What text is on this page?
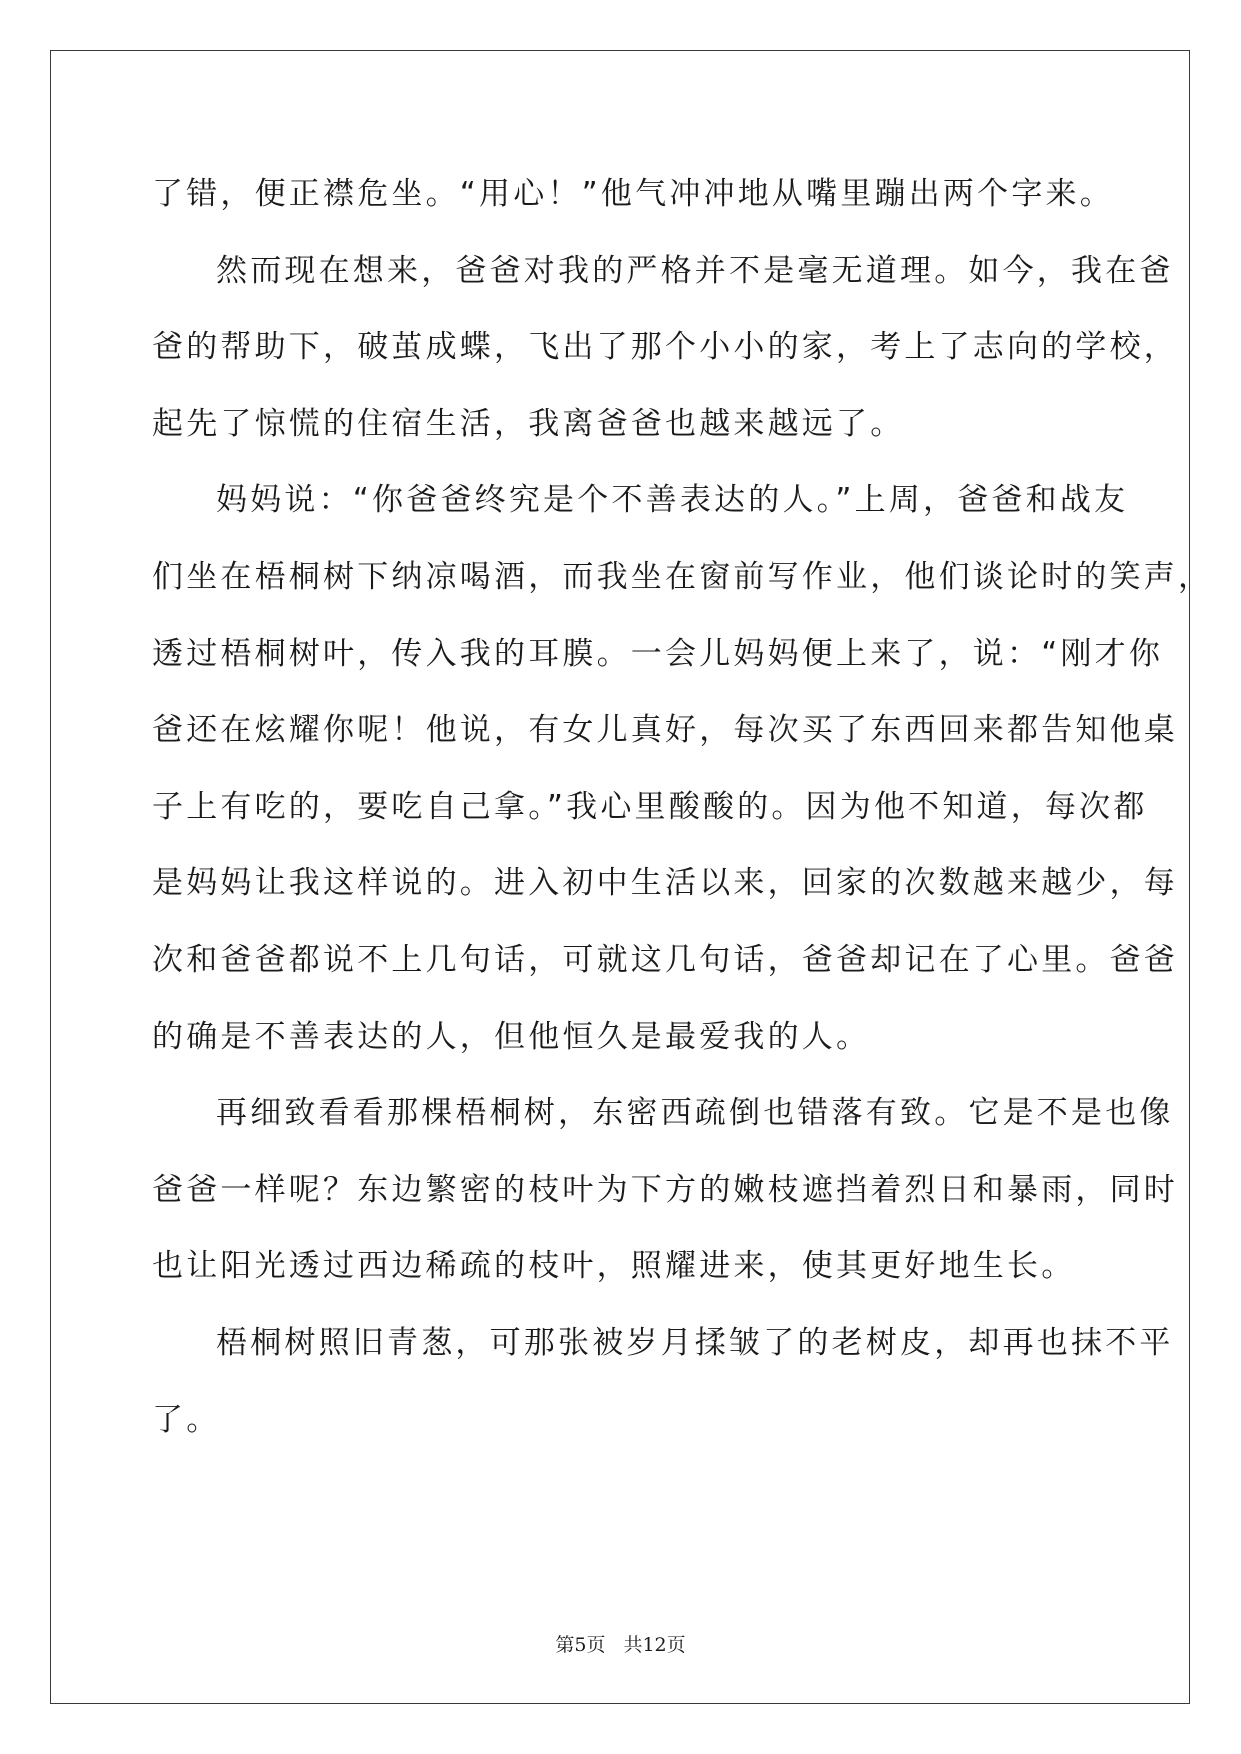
了错，便正襟危坐。“用心！”他气冲冲地从嘴里蹦出两个字来。
然而现在想来，爸爸对我的严格并不是毫无道理。如今，我在爸
爸的帮助下，破茧成蝶，飞出了那个小小的家，考上了志向的学校，
起先了惊慌的住宿生活，我离爸爸也越来越远了。
妈妈说：“你爸爸终究是个不善表达的人。”上周，爸爸和战友
们坐在梧桐树下纳凉喝酒，而我坐在窗前写作业，他们谈论时的笑声，
透过梧桐树叶，传入我的耳膜。一会儿妈妈便上来了，说：“刚才你
爸还在炫耀你呢！他说，有女儿真好，每次买了东西回来都告知他桌
子上有吃的，要吃自己拿。”我心里酸酸的。因为他不知道，每次都
是妈妈让我这样说的。进入初中生活以来，回家的次数越来越少，每
次和爸爸都说不上几句话，可就这几句话，爸爸却记在了心里。爸爸
的确是不善表达的人，但他恒久是最爱我的人。
再细致看看那棵梧桐树，东密西疏倒也错落有致。它是不是也像
爸爸一样呢？东边繁密的枝叶为下方的嫩枝遮挡着烈日和暴雨，同时
也让阳光透过西边稀疏的枝叶，照耀进来，使其更好地生长。
梧桐树照旧青葱，可那张被岁月揉皱了的老树皮，却再也抹不平
了。
第5页 共12页
